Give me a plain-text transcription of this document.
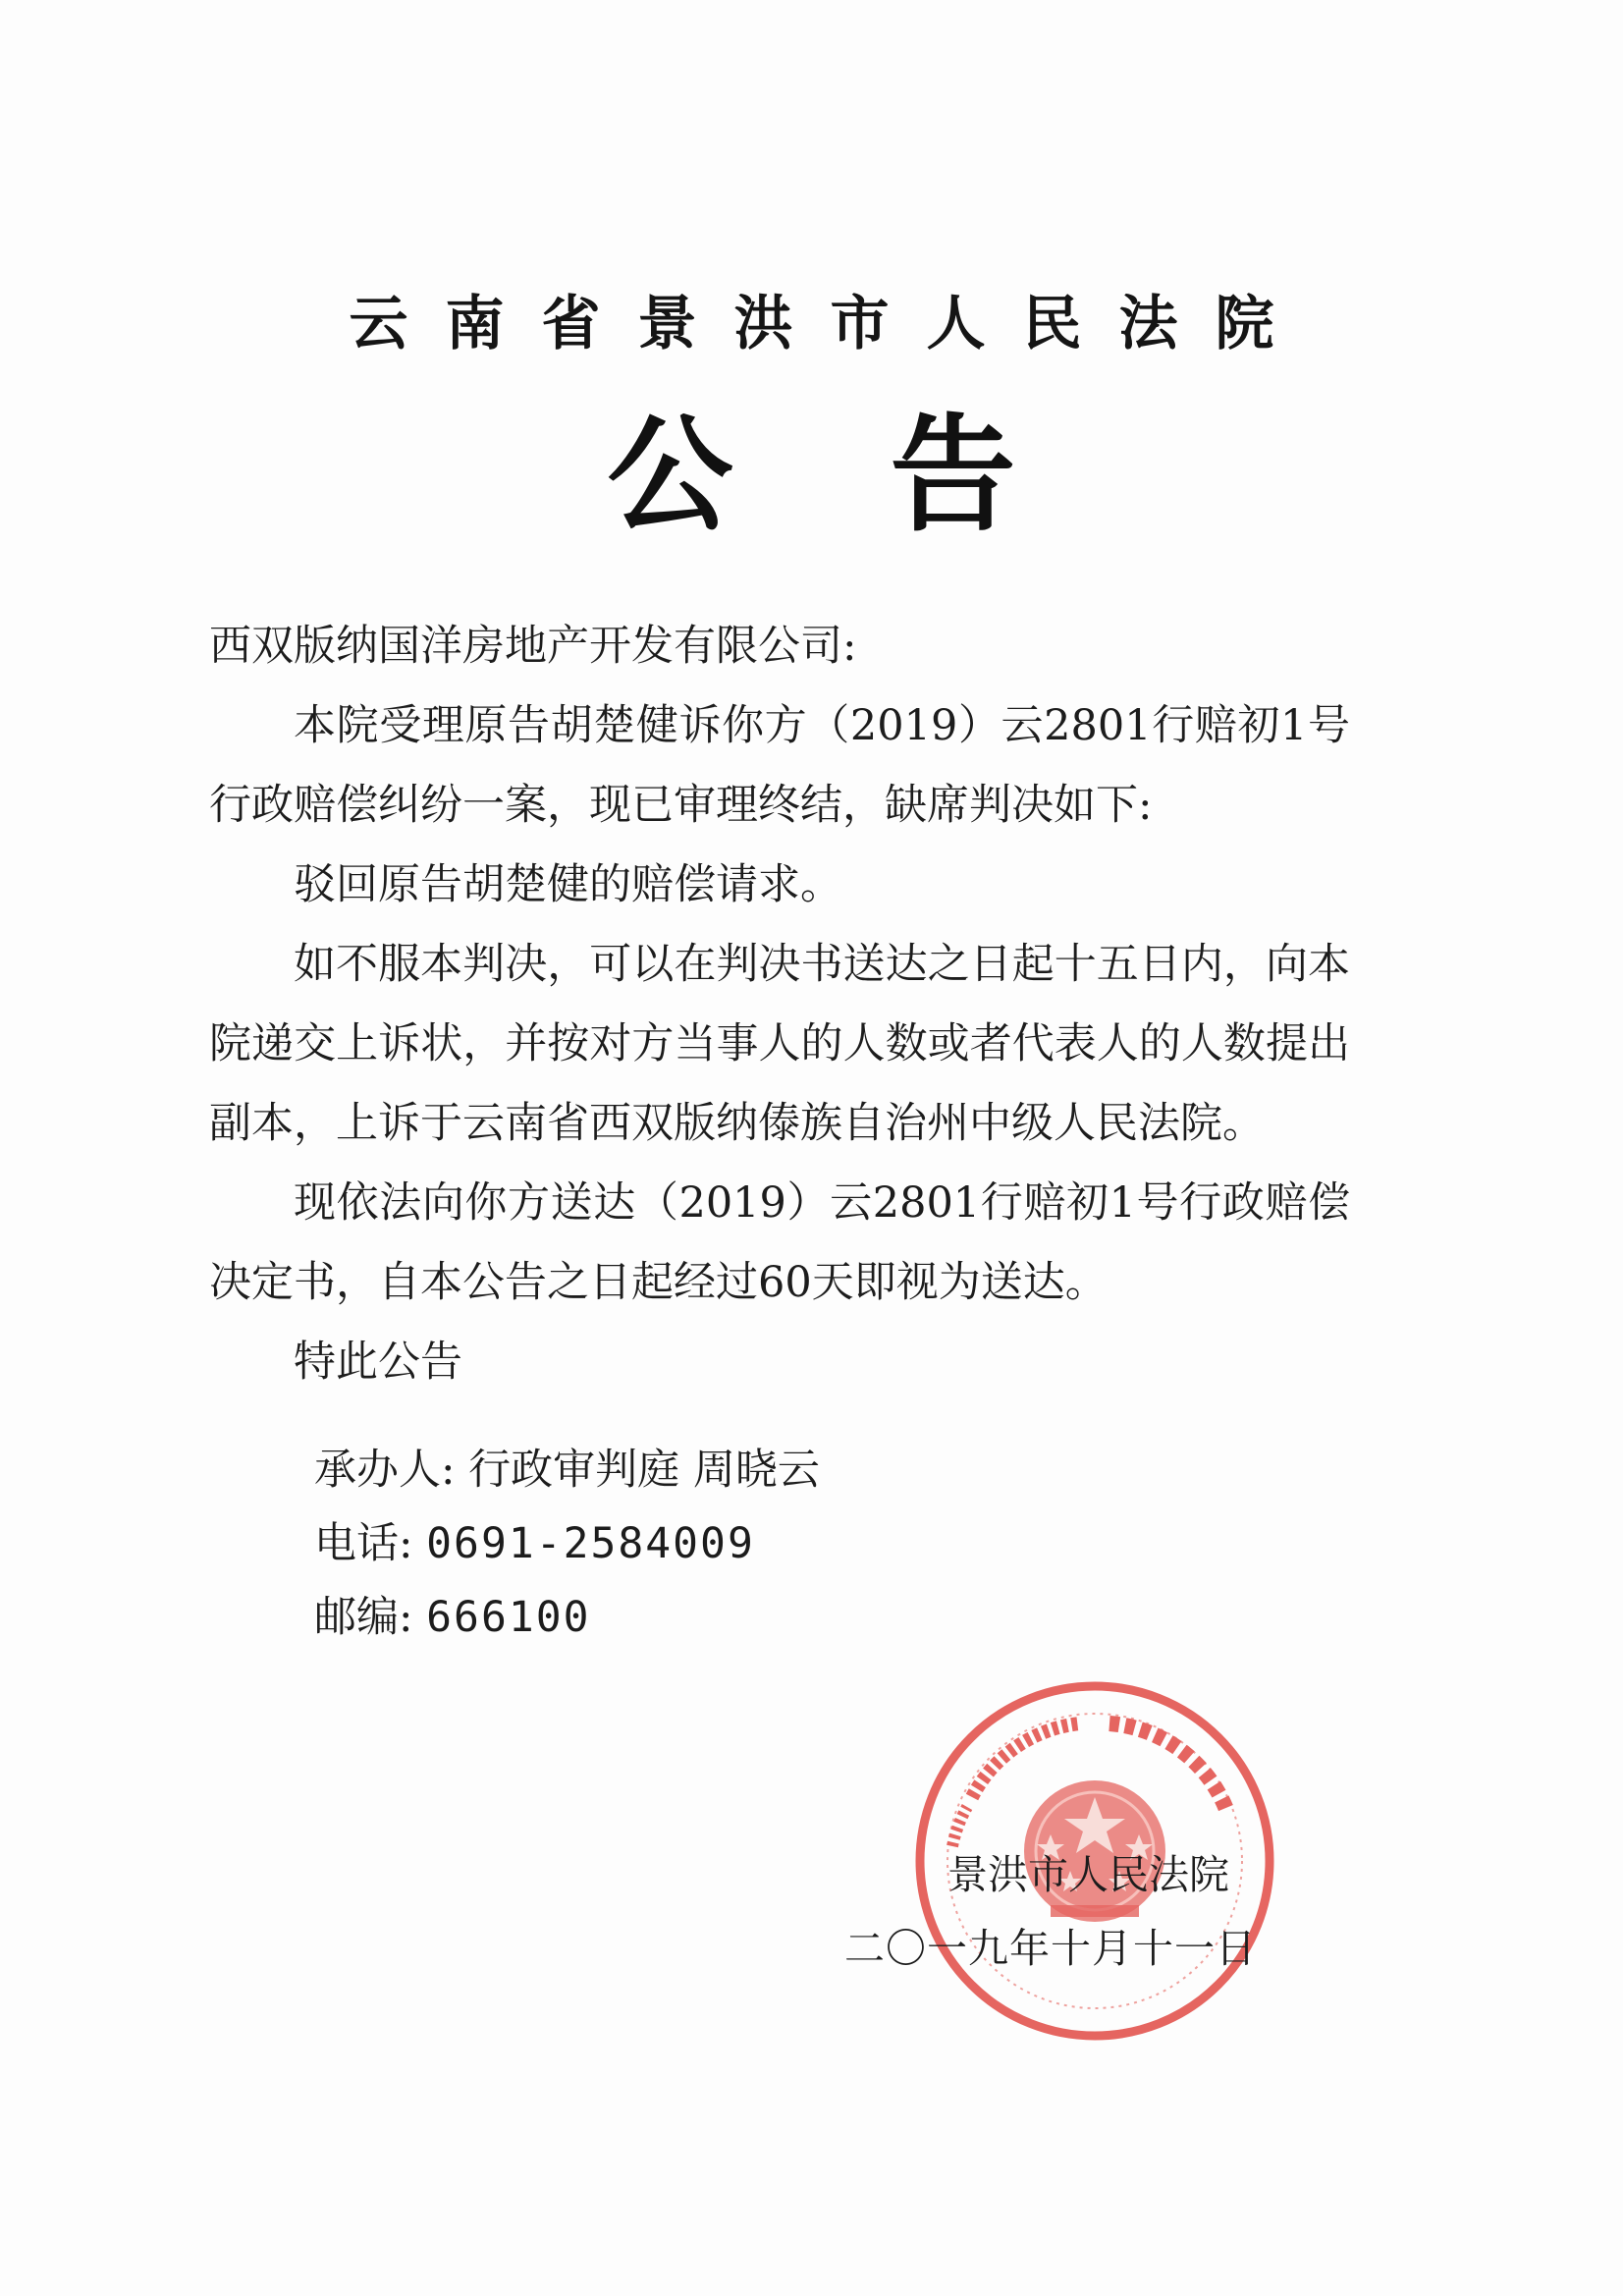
云南省景洪市人民法院
公告

西双版纳国洋房地产开发有限公司:

本院受理原告胡楚健诉你方（2019）云2801行赔初1号行政赔偿纠纷一案，现已审理终结，缺席判决如下:

驳回原告胡楚健的赔偿请求。

如不服本判决，可以在判决书送达之日起十五日内，向本院递交上诉状，并按对方当事人的人数或者代表人的人数提出副本，上诉于云南省西双版纳傣族自治州中级人民法院。

现依法向你方送达（2019）云2801行赔初1号行政赔偿决定书，自本公告之日起经过60天即视为送达。

特此公告

承办人: 行政审判庭 周晓云
电话: 0691-2584009
邮编: 666100
景洪市人民法院
二〇一九年十月十一日
